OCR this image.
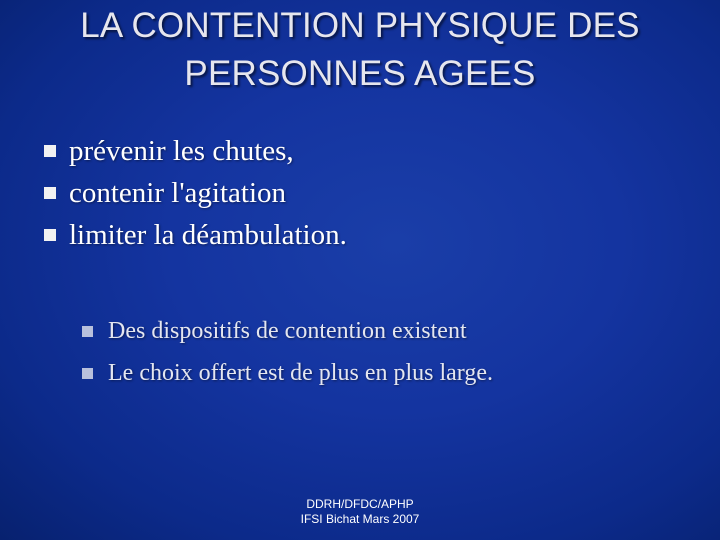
LA CONTENTION PHYSIQUE DES
PERSONNES AGEES
prévenir les chutes,
contenir l'agitation
limiter la déambulation.
Des dispositifs de contention existent
Le choix offert est de plus en plus large.
DDRH/DFDC/APHP
IFSI Bichat Mars 2007
